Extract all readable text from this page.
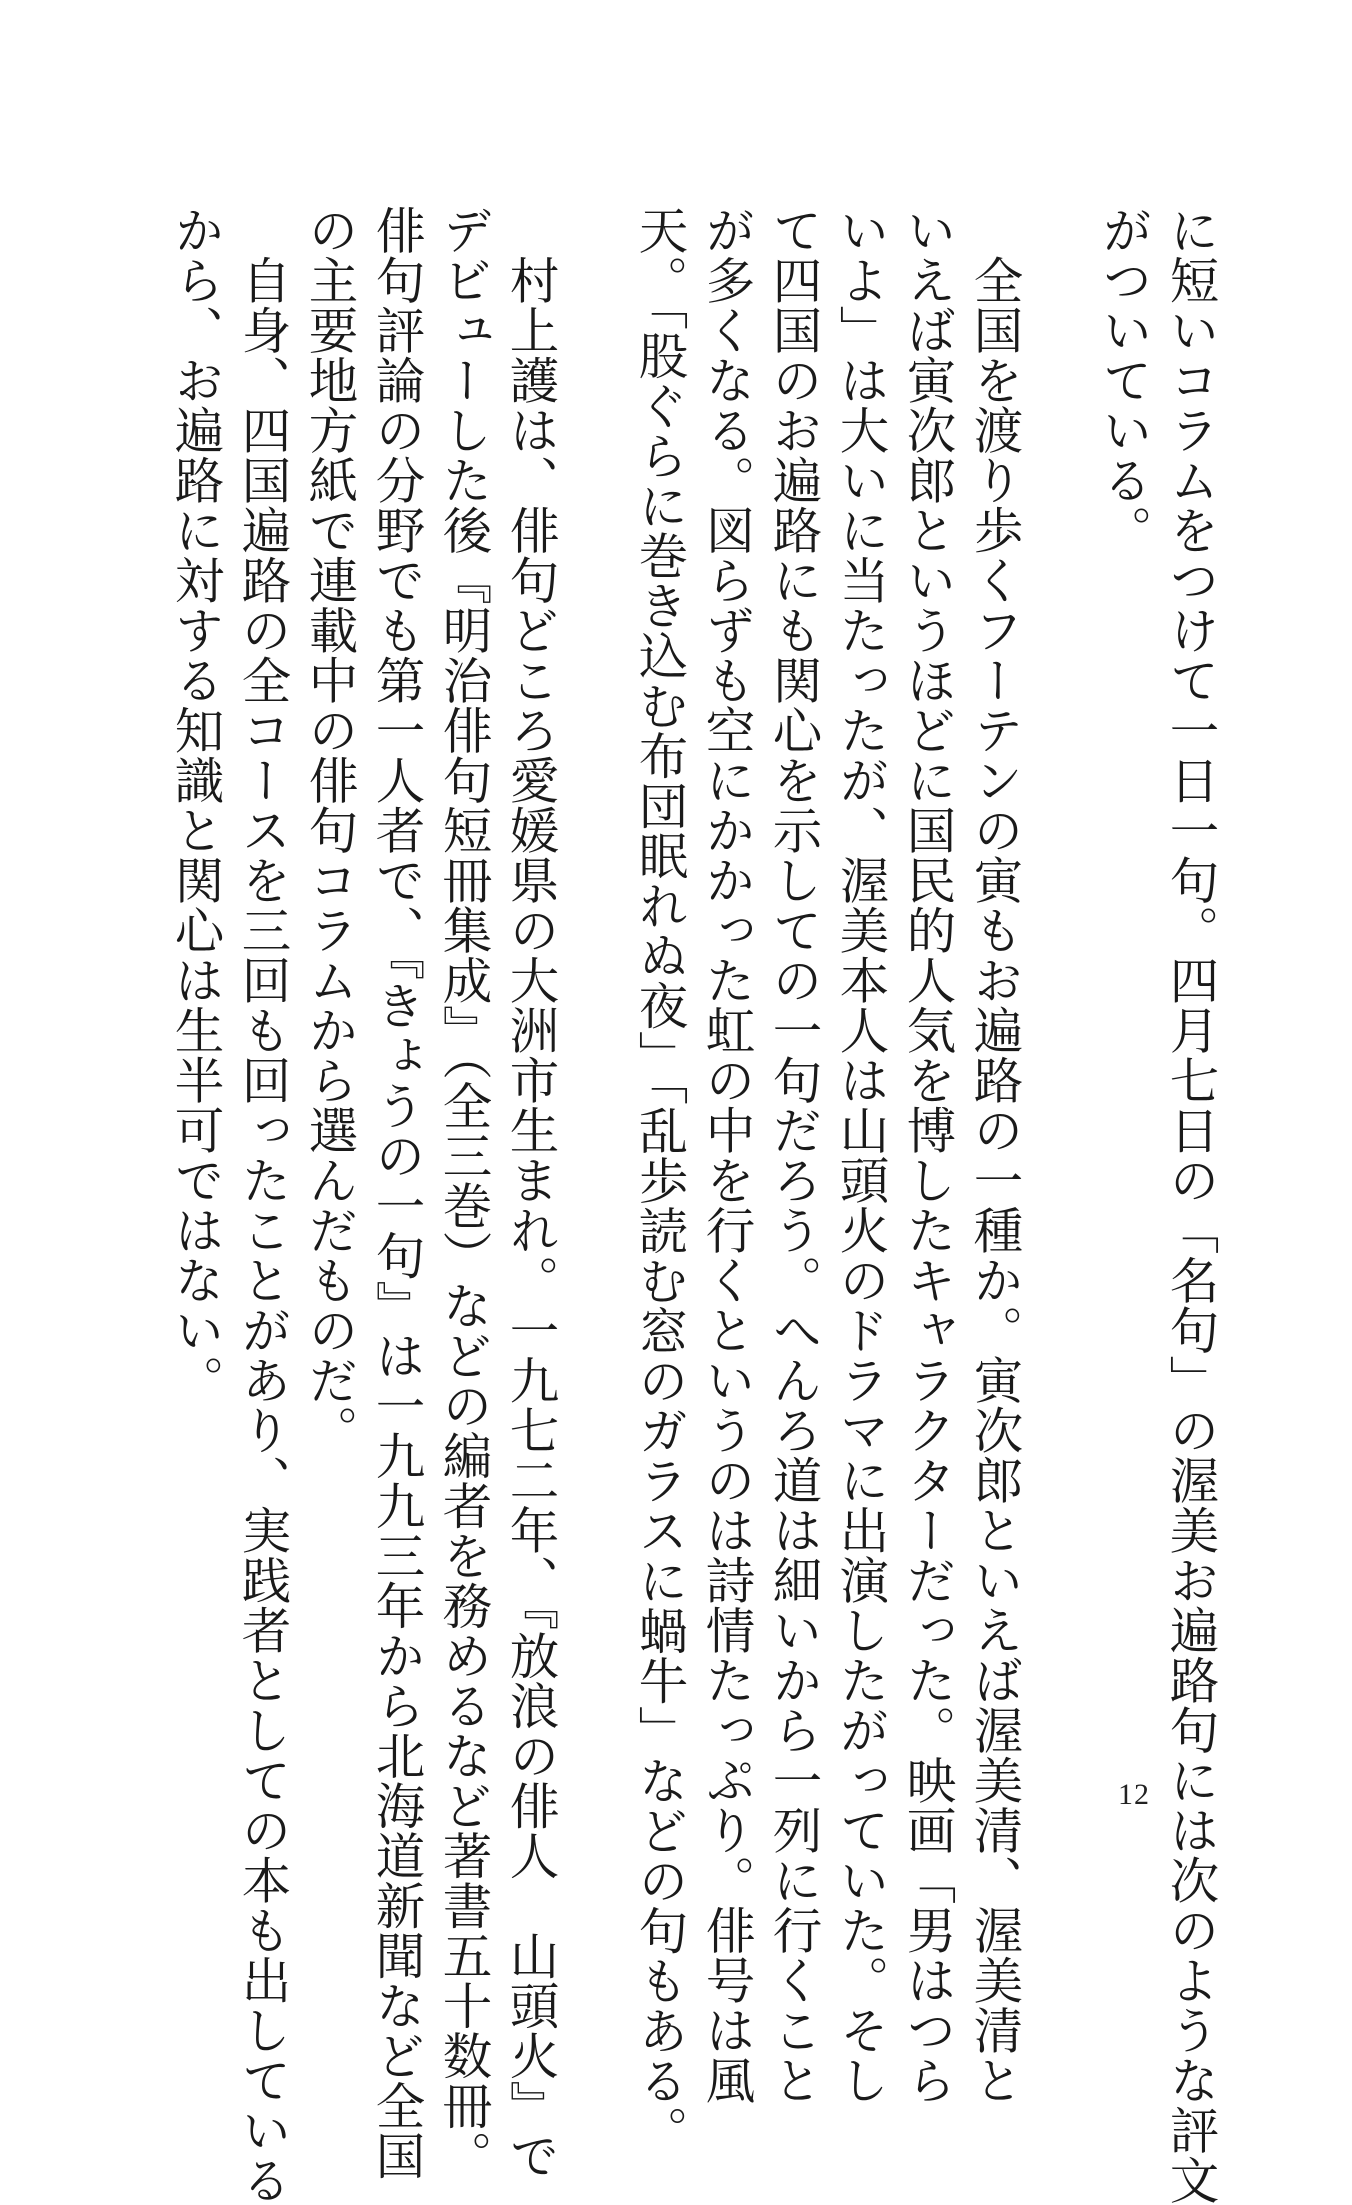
に短いコラムをつけて一日一句。四月七日の「名句」の渥美お遍路句には次のような評文
がついている。
　全国を渡り歩くフーテンの寅もお遍路の一種か。寅次郎といえば渥美清、渥美清と
いえば寅次郎というほどに国民的人気を博したキャラクターだった。映画「男はつら
いよ」は大いに当たったが、渥美本人は山頭火のドラマに出演したがっていた。そし
て四国のお遍路にも関心を示しての一句だろう。へんろ道は細いから一列に行くこと
が多くなる。図らずも空にかかった虹の中を行くというのは詩情たっぷり。俳号は風
天。「股ぐらに巻き込む布団眠れぬ夜」「乱歩読む窓のガラスに蝸牛」などの句もある。
　村上護は、俳句どころ愛媛県の大洲市生まれ。一九七二年、『放浪の俳人　山頭火』で
デビューした後『明治俳句短冊集成』（全三巻）などの編者を務めるなど著書五十数冊。
俳句評論の分野でも第一人者で、『きょうの一句』は一九九三年から北海道新聞など全国
の主要地方紙で連載中の俳句コラムから選んだものだ。
　自身、四国遍路の全コースを三回も回ったことがあり、実践者としての本も出している
から、お遍路に対する知識と関心は生半可ではない。
12
